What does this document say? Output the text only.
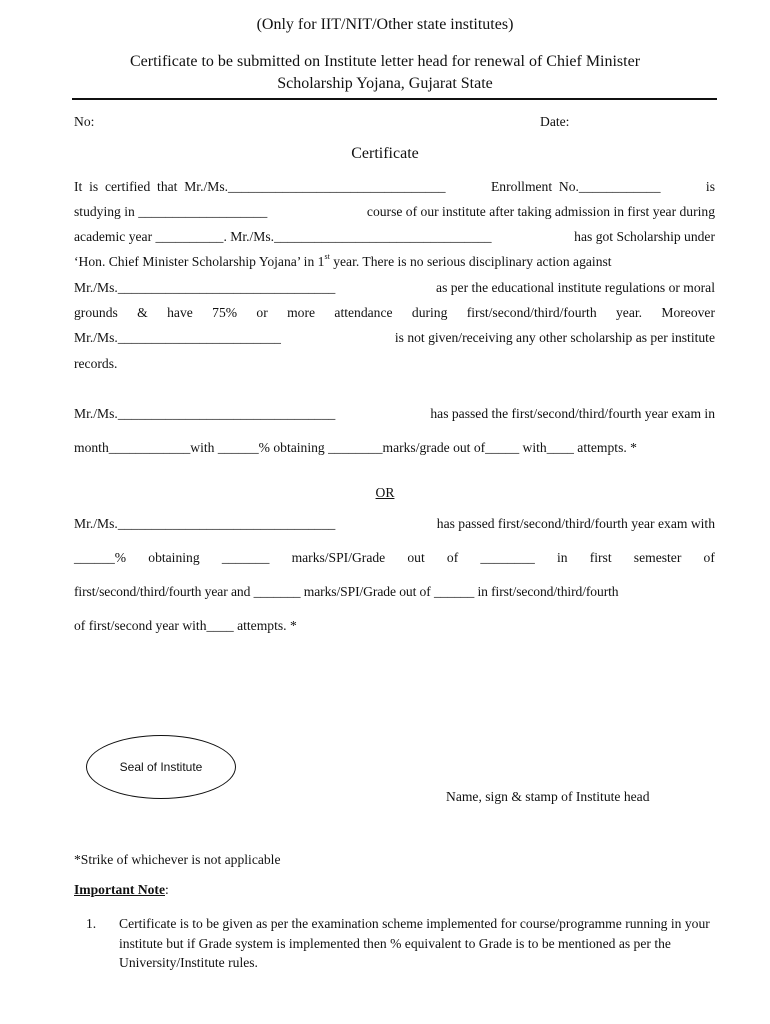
(Only for IIT/NIT/Other state institutes)
Certificate to be submitted on Institute letter head for renewal of Chief Minister
Scholarship Yojana, Gujarat State
No:	Date:
Certificate
It  is  certified  that  Mr./Ms.________________________________	Enrollment  No.____________	is
studying in ___________________	course of our institute after taking admission in first year during
academic year __________. Mr./Ms.________________________________	has got Scholarship under
‘Hon. Chief Minister Scholarship Yojana’ in 1st year. There is no serious disciplinary action against
Mr./Ms.________________________________	as per the educational institute regulations or moral
grounds & have 75% or more attendance during first/second/third/fourth year. Moreover
Mr./Ms.________________________	is not given/receiving any other scholarship as per institute
records.
Mr./Ms.________________________________	has passed the first/second/third/fourth year exam in
month____________with ______% obtaining ________marks/grade out of_____ with____ attempts. *
OR
Mr./Ms.________________________________	has passed first/second/third/fourth year exam with
______% obtaining _______ marks/SPI/Grade out of ________ in first semester of
first/second/third/fourth year and _______ marks/SPI/Grade out of ______ in first/second/third/fourth
of first/second year with____ attempts. *
Seal of Institute
Name, sign & stamp of Institute head
*Strike of whichever is not applicable
Important Note:
1. Certificate is to be given as per the examination scheme implemented for course/programme running in your institute but if Grade system is implemented then % equivalent to Grade is to be mentioned as per the University/Institute rules.
